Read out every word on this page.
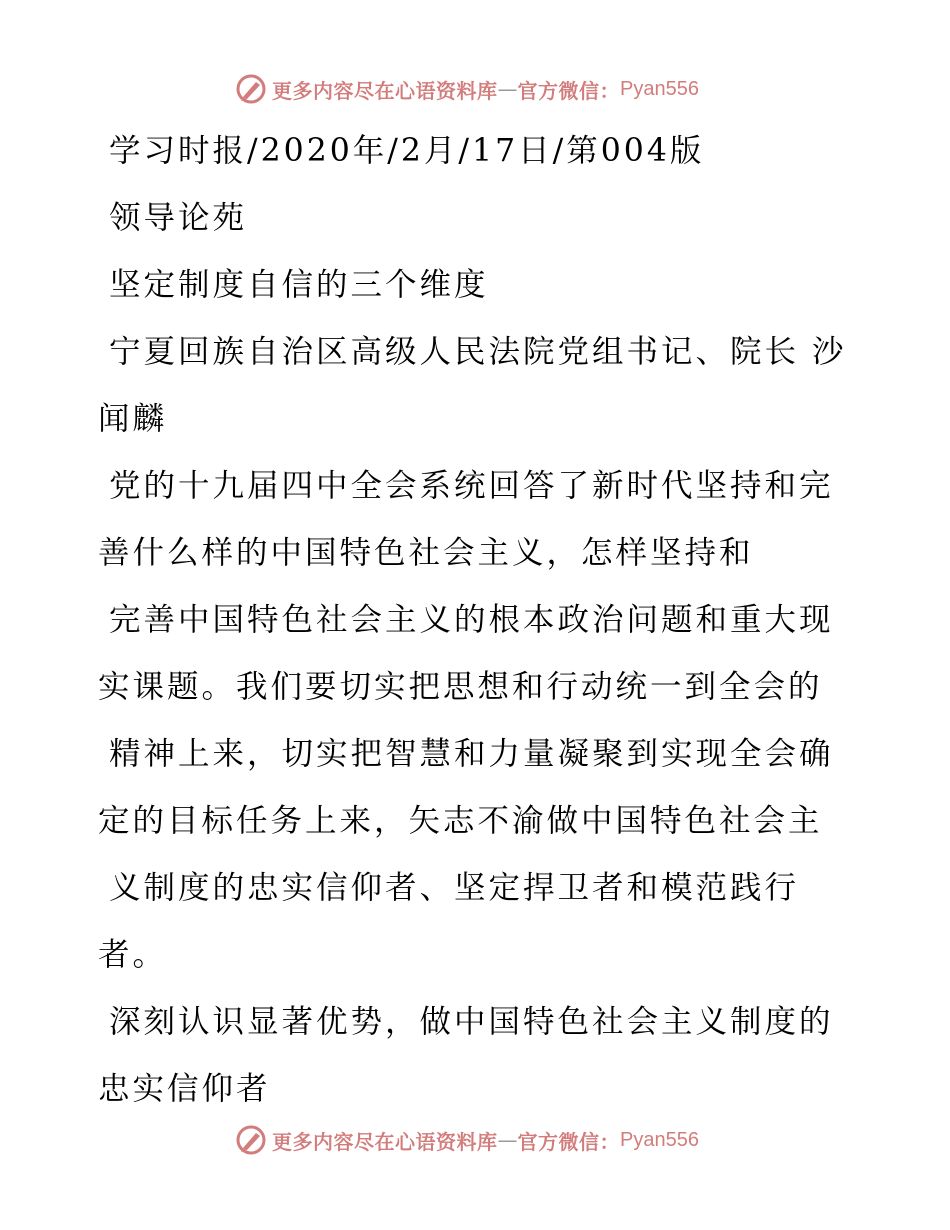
更多内容尽在心语资料库 — 官方微信： Pyan556
学习时报/2020年/2月/17日/第004版
领导论苑
坚定制度自信的三个维度
宁夏回族自治区高级人民法院党组书记、院长 沙
闻麟
党的十九届四中全会系统回答了新时代坚持和完
善什么样的中国特色社会主义，怎样坚持和
完善中国特色社会主义的根本政治问题和重大现
实课题。我们要切实把思想和行动统一到全会的
精神上来，切实把智慧和力量凝聚到实现全会确
定的目标任务上来，矢志不渝做中国特色社会主
义制度的忠实信仰者、坚定捍卫者和模范践行
者。
深刻认识显著优势，做中国特色社会主义制度的
忠实信仰者
更多内容尽在心语资料库 — 官方微信： Pyan556
